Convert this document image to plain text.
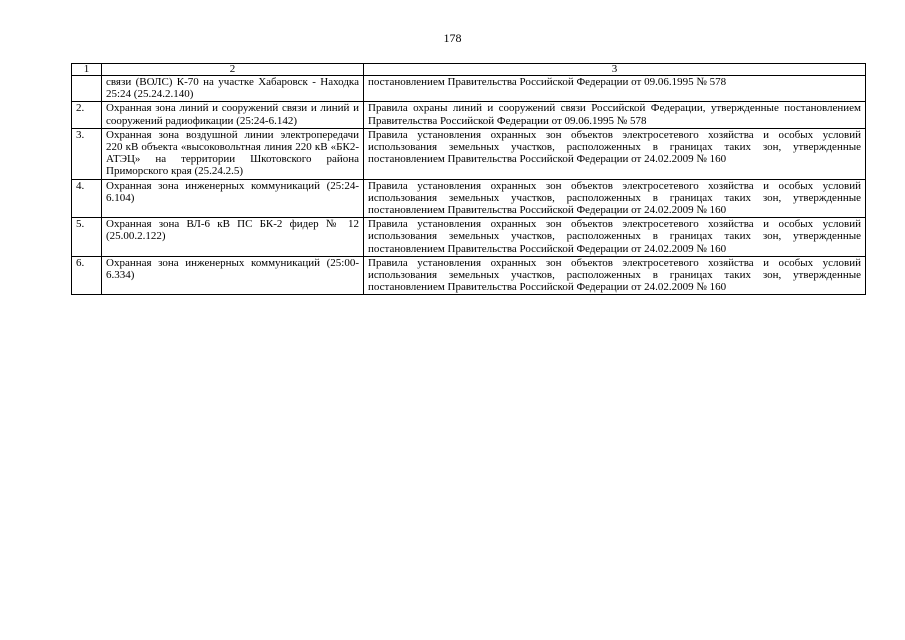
178
1	2	3
	связи (ВОЛС) К-70 на участке Хабаровск - Находка 25:24 (25.24.2.140)	постановлением Правительства Российской Федерации от 09.06.1995 № 578
2.	Охранная зона линий и сооружений связи и линий и сооружений радиофикации (25:24-6.142)	Правила охраны линий и сооружений связи Российской Федерации, утвержденные постановлением Правительства Российской Федерации от 09.06.1995 № 578
3.	Охранная зона воздушной линии электропередачи 220 кВ объекта «высоковольтная линия 220 кВ «БК2-АТЭЦ» на территории Шкотовского района Приморского края (25.24.2.5)	Правила установления охранных зон объектов электросетевого хозяйства и особых условий использования земельных участков, расположенных в границах таких зон, утвержденные постановлением Правительства Российской Федерации от 24.02.2009 № 160
4.	Охранная зона инженерных коммуникаций (25:24-6.104)	Правила установления охранных зон объектов электросетевого хозяйства и особых условий использования земельных участков, расположенных в границах таких зон, утвержденные постановлением Правительства Российской Федерации от 24.02.2009 № 160
5.	Охранная зона ВЛ-6 кВ ПС БК-2 фидер № 12 (25.00.2.122)	Правила установления охранных зон объектов электросетевого хозяйства и особых условий использования земельных участков, расположенных в границах таких зон, утвержденные постановлением Правительства Российской Федерации от 24.02.2009 № 160
6.	Охранная зона инженерных коммуникаций (25:00-6.334)	Правила установления охранных зон объектов электросетевого хозяйства и особых условий использования земельных участков, расположенных в границах таких зон, утвержденные постановлением Правительства Российской Федерации от 24.02.2009 № 160
